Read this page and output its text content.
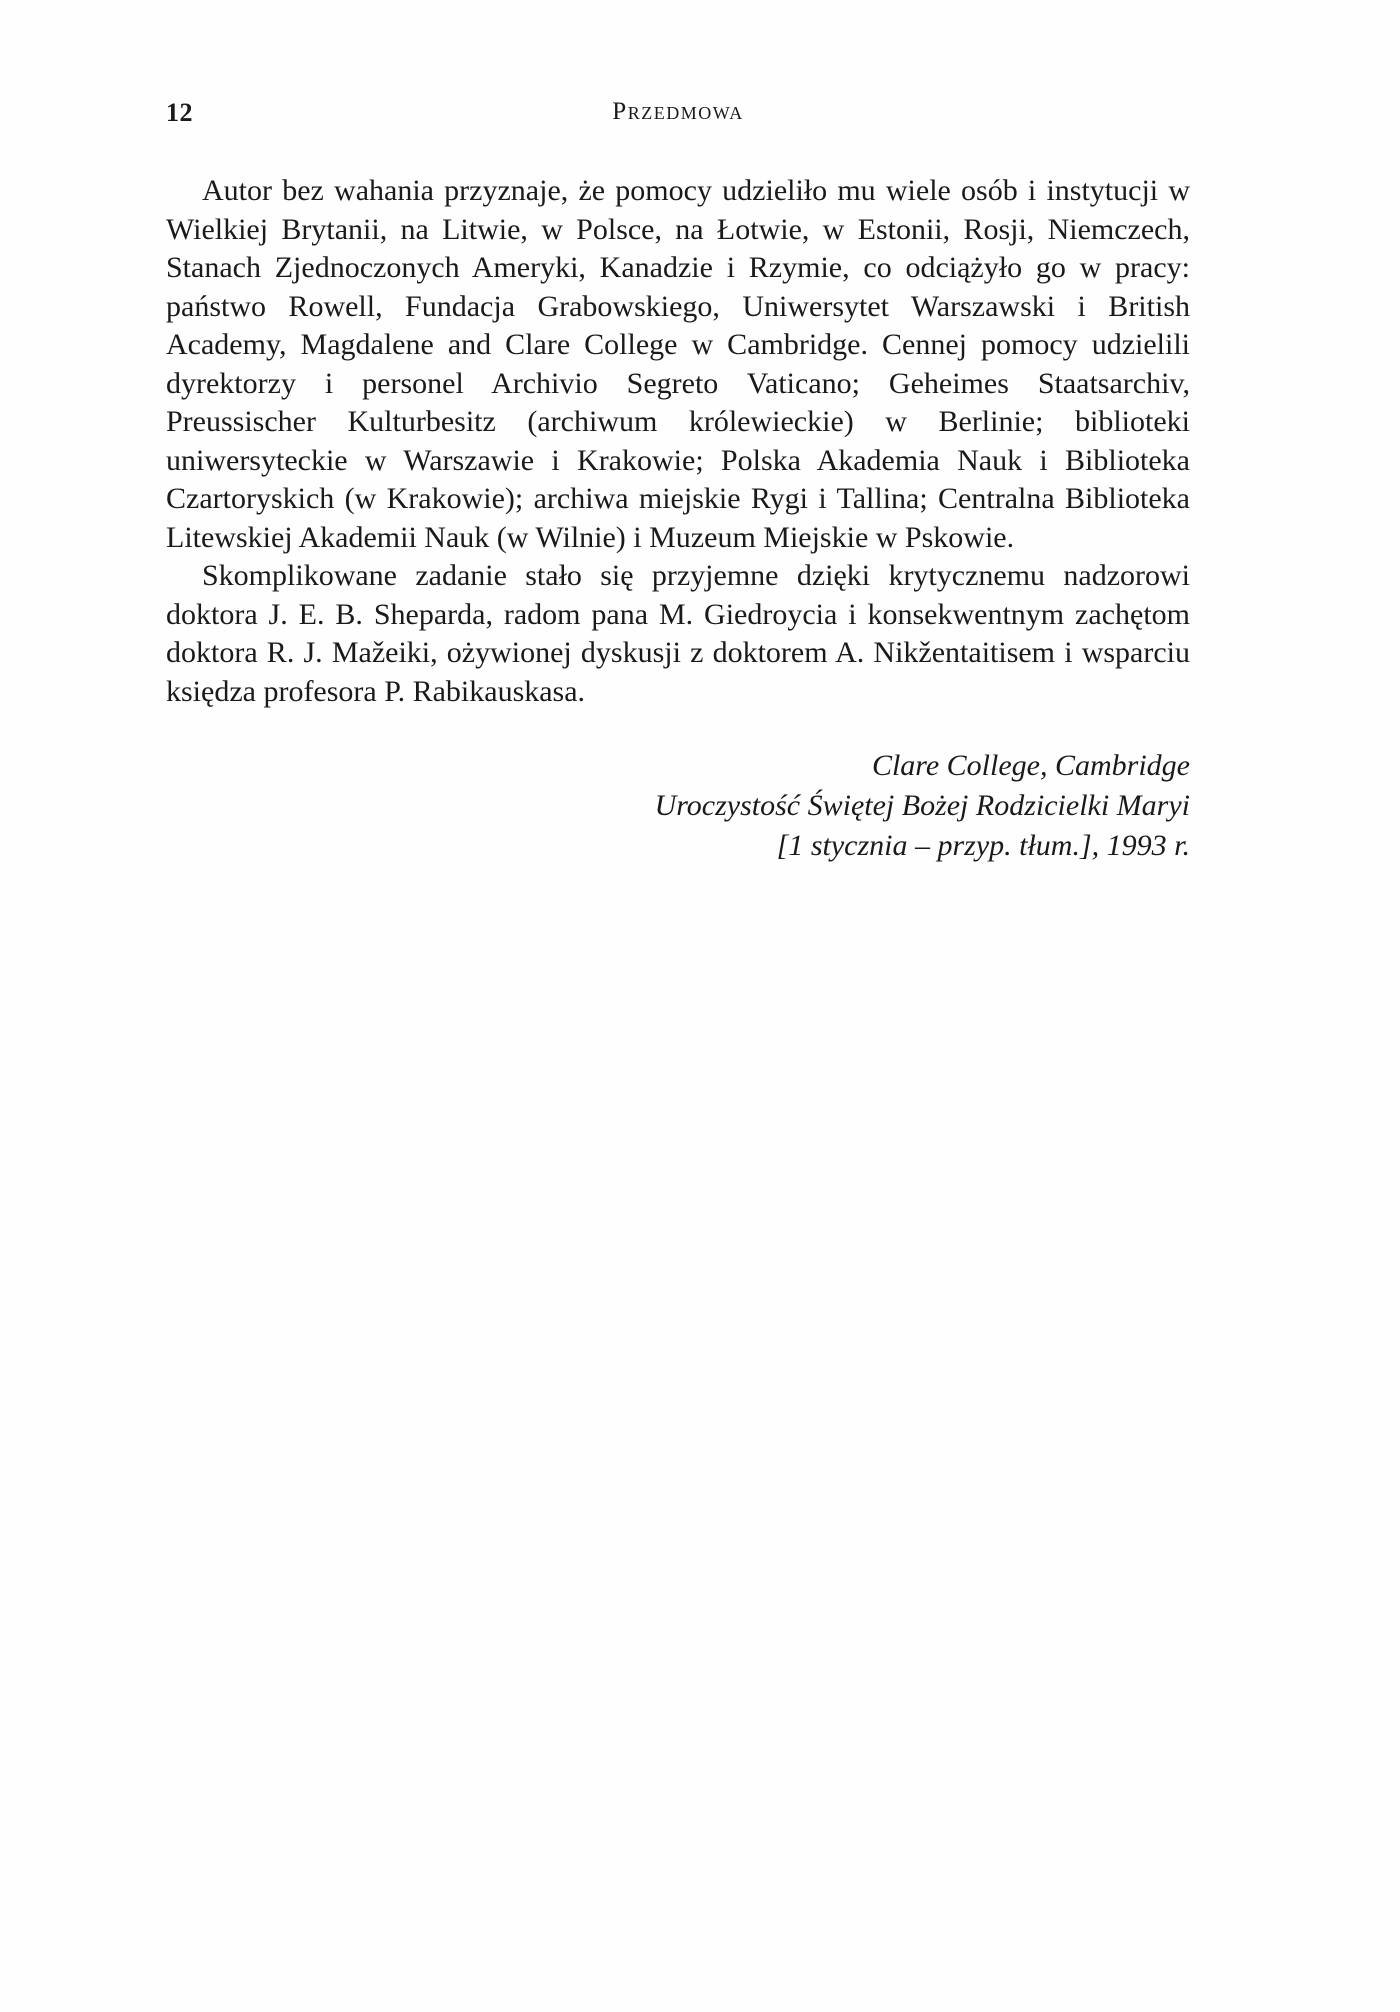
12	Przedmowa

Autor bez wahania przyznaje, że pomocy udzieliło mu wiele osób i instytucji w Wielkiej Brytanii, na Litwie, w Polsce, na Łotwie, w Estonii, Rosji, Niemczech, Stanach Zjednoczonych Ameryki, Kanadzie i Rzymie, co odciążyło go w pracy: państwo Rowell, Fundacja Grabowskiego, Uniwersytet Warszawski i British Academy, Magdalene and Clare College w Cambridge. Cennej pomocy udzielili dyrektorzy i personel Archivio Segreto Vaticano; Geheimes Staatsarchiv, Preussischer Kulturbesitz (archiwum królewieckie) w Berlinie; biblioteki uniwersyteckie w Warszawie i Krakowie; Polska Akademia Nauk i Biblioteka Czartoryskich (w Krakowie); archiwa miejskie Rygi i Tallina; Centralna Biblioteka Litewskiej Akademii Nauk (w Wilnie) i Muzeum Miejskie w Pskowie.

Skomplikowane zadanie stało się przyjemne dzięki krytycznemu nadzorowi doktora J. E. B. Sheparda, radom pana M. Giedroycia i konsekwentnym zachętom doktora R. J. Mažeiki, ożywionej dyskusji z doktorem A. Nikžentaitisem i wsparciu księdza profesora P. Rabikauskasa.

Clare College, Cambridge
Uroczystość Świętej Bożej Rodzicielki Maryi
[1 stycznia – przyp. tłum.], 1993 r.
